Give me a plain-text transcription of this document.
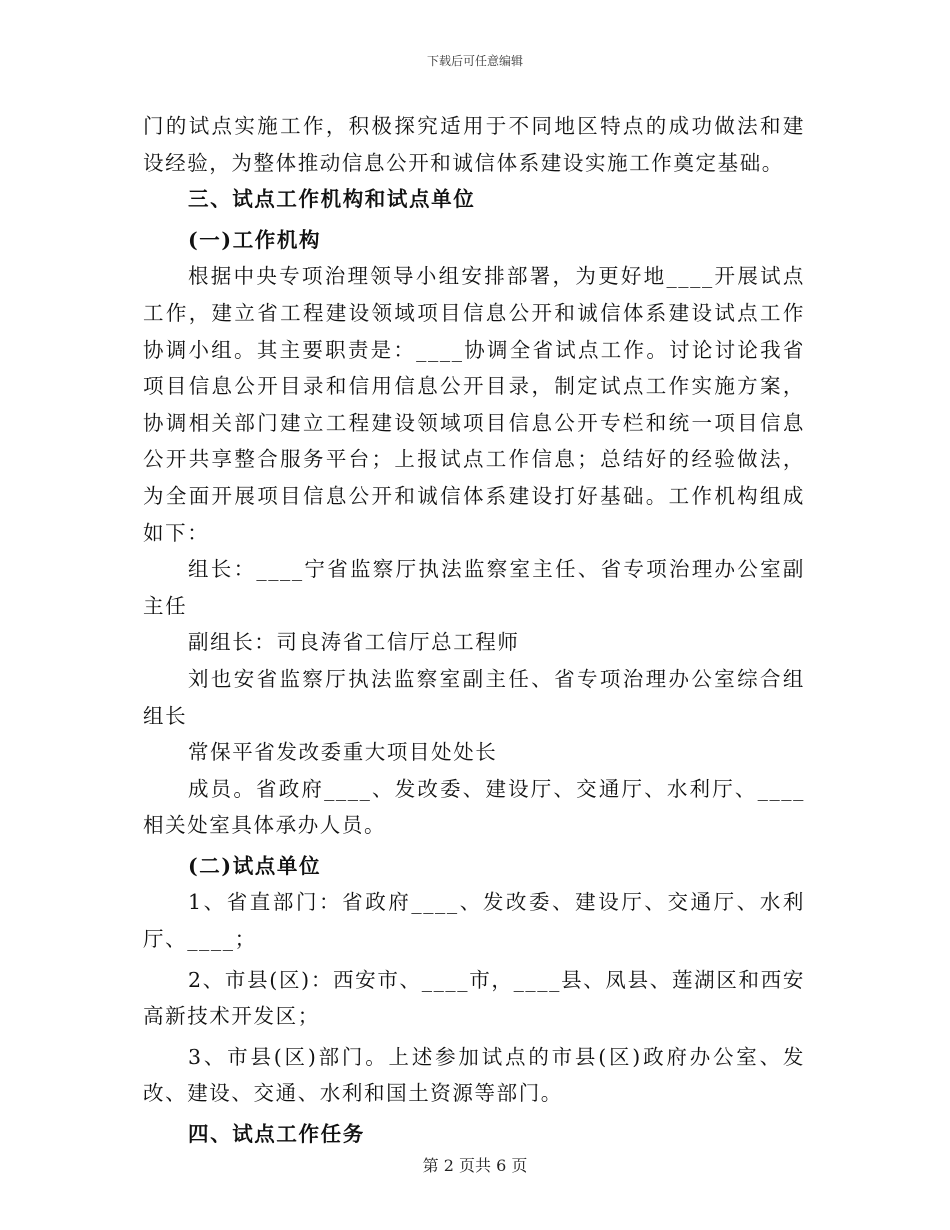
下载后可任意编辑

门的试点实施工作，积极探究适用于不同地区特点的成功做法和建设经验，为整体推动信息公开和诚信体系建设实施工作奠定基础。

三、试点工作机构和试点单位

(一)工作机构

根据中央专项治理领导小组安排部署，为更好地____开展试点工作，建立省工程建设领域项目信息公开和诚信体系建设试点工作协调小组。其主要职责是：____协调全省试点工作。讨论讨论我省项目信息公开目录和信用信息公开目录，制定试点工作实施方案，协调相关部门建立工程建设领域项目信息公开专栏和统一项目信息公开共享整合服务平台；上报试点工作信息；总结好的经验做法，为全面开展项目信息公开和诚信体系建设打好基础。工作机构组成如下：

组长：____宁省监察厅执法监察室主任、省专项治理办公室副主任

副组长：司良涛省工信厅总工程师

刘也安省监察厅执法监察室副主任、省专项治理办公室综合组组长

常保平省发改委重大项目处处长

成员。省政府____、发改委、建设厅、交通厅、水利厅、____相关处室具体承办人员。

(二)试点单位

1、省直部门：省政府____、发改委、建设厅、交通厅、水利厅、____；

2、市县(区)：西安市、____市，____县、凤县、莲湖区和西安高新技术开发区；

3、市县(区)部门。上述参加试点的市县(区)政府办公室、发改、建设、交通、水利和国土资源等部门。

四、试点工作任务

第 2 页共 6 页
